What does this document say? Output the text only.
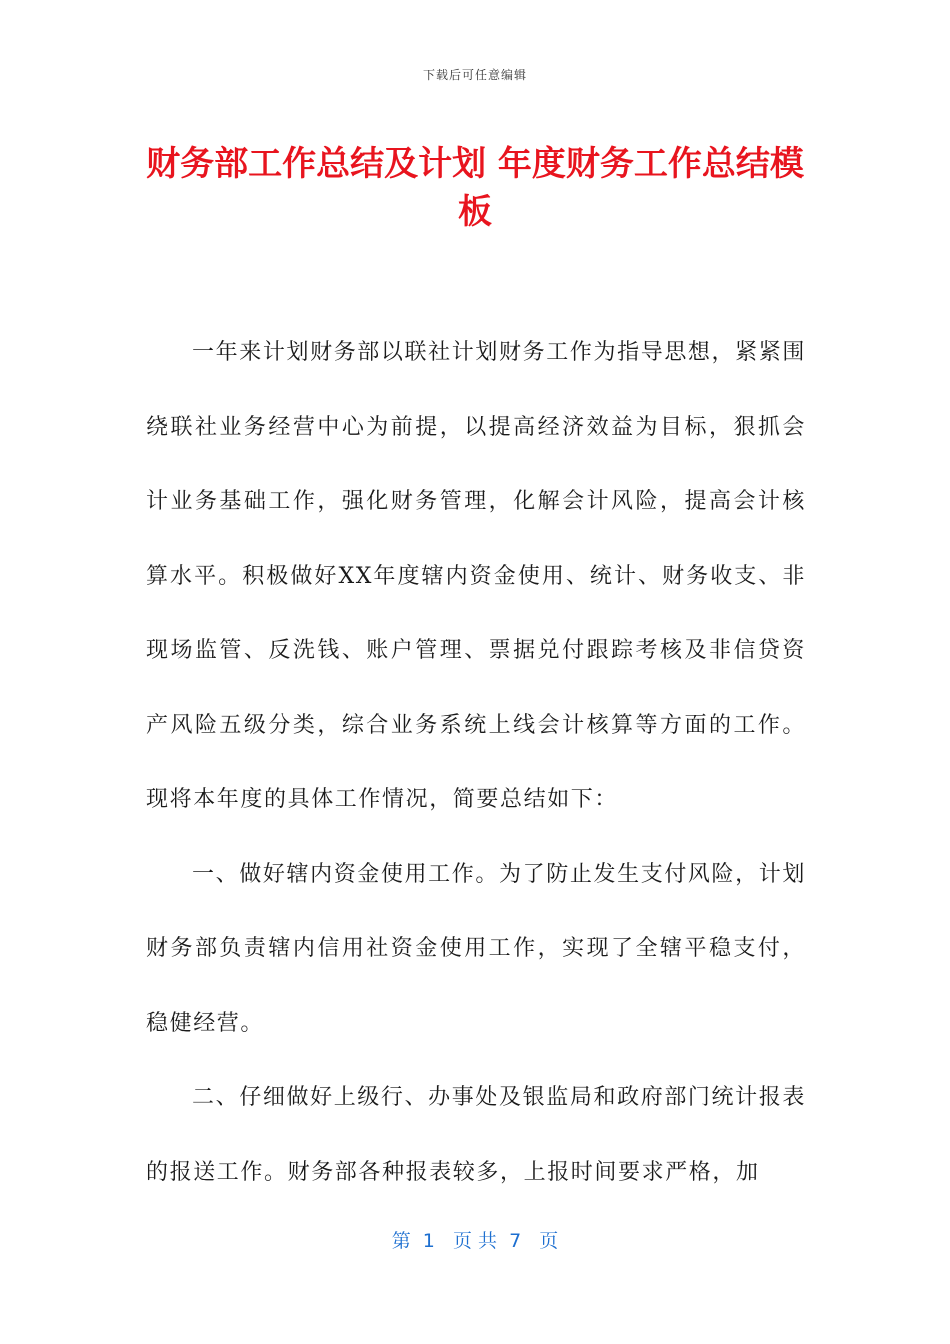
下载后可任意编辑
财务部工作总结及计划 年度财务工作总结模板

一年来计划财务部以联社计划财务工作为指导思想，紧紧围绕联社业务经营中心为前提，以提高经济效益为目标，狠抓会计业务基础工作，强化财务管理，化解会计风险，提高会计核算水平。积极做好XX年度辖内资金使用、统计、财务收支、非现场监管、反洗钱、账户管理、票据兑付跟踪考核及非信贷资产风险五级分类，综合业务系统上线会计核算等方面的工作。现将本年度的具体工作情况，简要总结如下：

一、做好辖内资金使用工作。为了防止发生支付风险，计划财务部负责辖内信用社资金使用工作，实现了全辖平稳支付，稳健经营。

二、仔细做好上级行、办事处及银监局和政府部门统计报表的报送工作。财务部各种报表较多，上报时间要求严格，加

第  1   页 共  7   页
